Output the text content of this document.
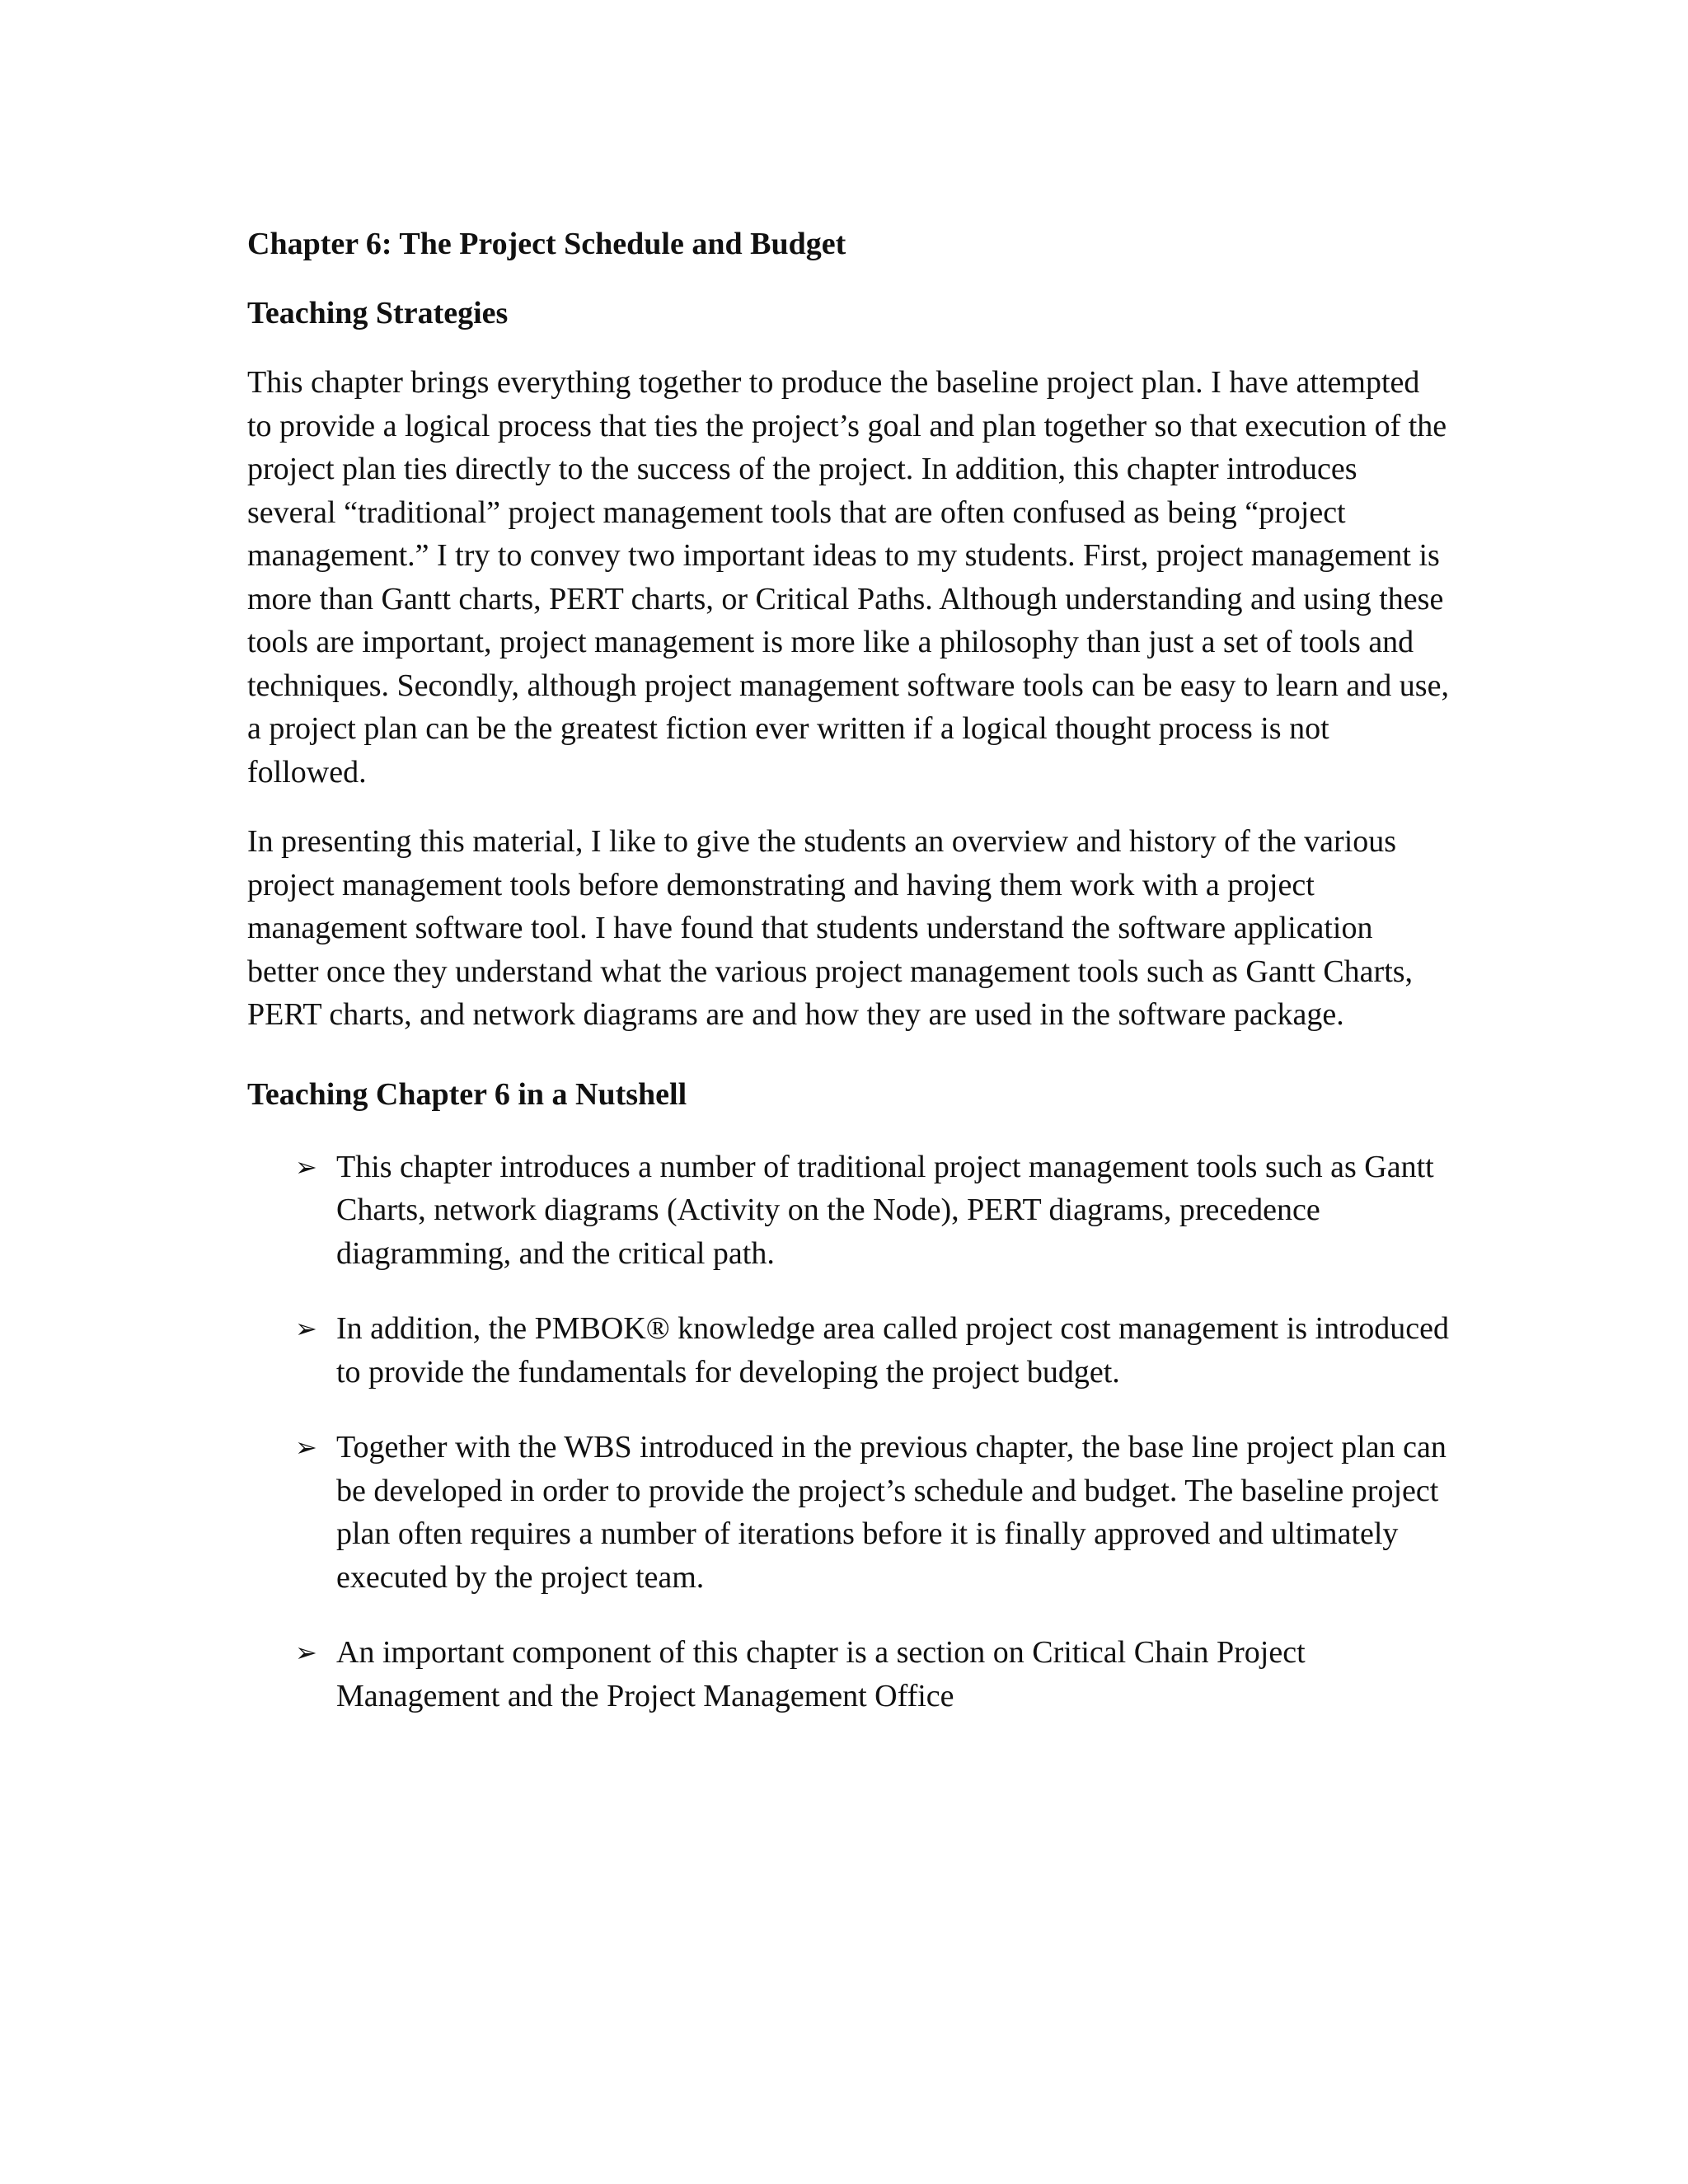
Chapter 6: The Project Schedule and Budget
Teaching Strategies

This chapter brings everything together to produce the baseline project plan. I have attempted to provide a logical process that ties the project’s goal and plan together so that execution of the project plan ties directly to the success of the project. In addition, this chapter introduces several “traditional” project management tools that are often confused as being “project management.” I try to convey two important ideas to my students. First, project management is more than Gantt charts, PERT charts, or Critical Paths. Although understanding and using these tools are important, project management is more like a philosophy than just a set of tools and techniques. Secondly, although project management software tools can be easy to learn and use, a project plan can be the greatest fiction ever written if a logical thought process is not followed.

In presenting this material, I like to give the students an overview and history of the various project management tools before demonstrating and having them work with a project management software tool. I have found that students understand the software application better once they understand what the various project management tools such as Gantt Charts, PERT charts, and network diagrams are and how they are used in the software package.

Teaching Chapter 6 in a Nutshell
➢ This chapter introduces a number of traditional project management tools such as Gantt Charts, network diagrams (Activity on the Node), PERT diagrams, precedence diagramming, and the critical path.
➢ In addition, the PMBOK® knowledge area called project cost management is introduced to provide the fundamentals for developing the project budget.
➢ Together with the WBS introduced in the previous chapter, the base line project plan can be developed in order to provide the project’s schedule and budget. The baseline project plan often requires a number of iterations before it is finally approved and ultimately executed by the project team.
➢ An important component of this chapter is a section on Critical Chain Project Management and the Project Management Office
